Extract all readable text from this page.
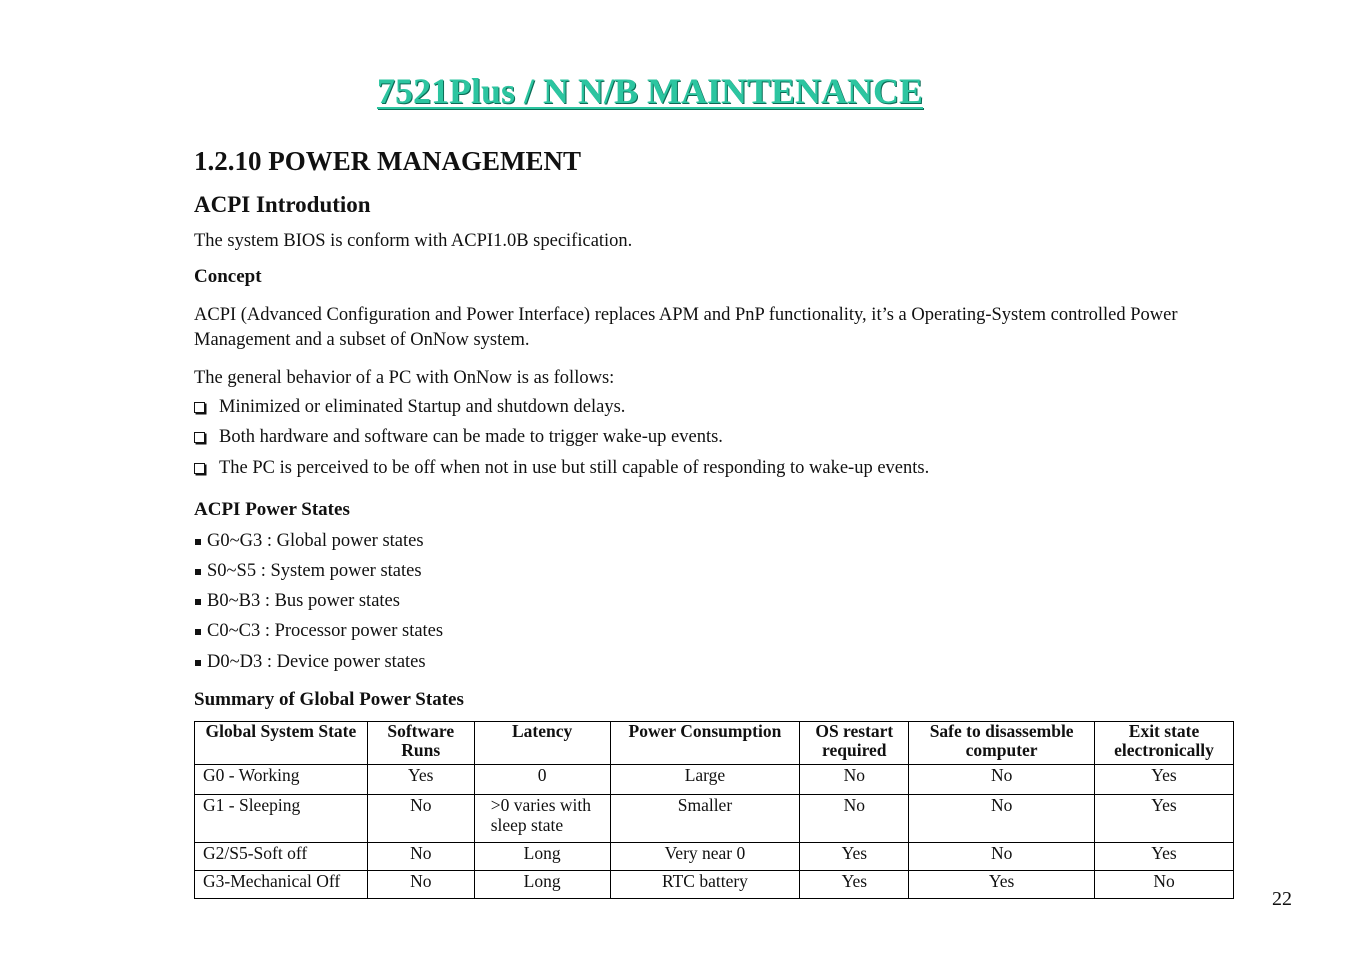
7521Plus / N N/B MAINTENANCE
1.2.10 POWER MANAGEMENT
ACPI Introdution
The system BIOS is conform with ACPI1.0B specification.
Concept
ACPI (Advanced Configuration and Power Interface) replaces APM and PnP functionality, it’s a Operating-System controlled Power Management and a subset of OnNow system.
The general behavior of a PC with OnNow is as follows:
Minimized or eliminated Startup and shutdown delays.
Both hardware and software can be made to trigger wake-up events.
The PC is perceived to be off when not in use but still capable of responding to wake-up events.
ACPI Power States
G0~G3 : Global power states
S0~S5 : System power states
B0~B3 : Bus power states
C0~C3 : Processor power states
D0~D3 : Device power states
Summary of Global Power States
Global System State	Software Runs	Latency	Power Consumption	OS restart required	Safe to disassemble computer	Exit state electronically
G0 - Working	Yes	0	Large	No	No	Yes
G1 - Sleeping	No	>0 varies with sleep state	Smaller	No	No	Yes
G2/S5-Soft off	No	Long	Very near 0	Yes	No	Yes
G3-Mechanical Off	No	Long	RTC battery	Yes	Yes	No
22
